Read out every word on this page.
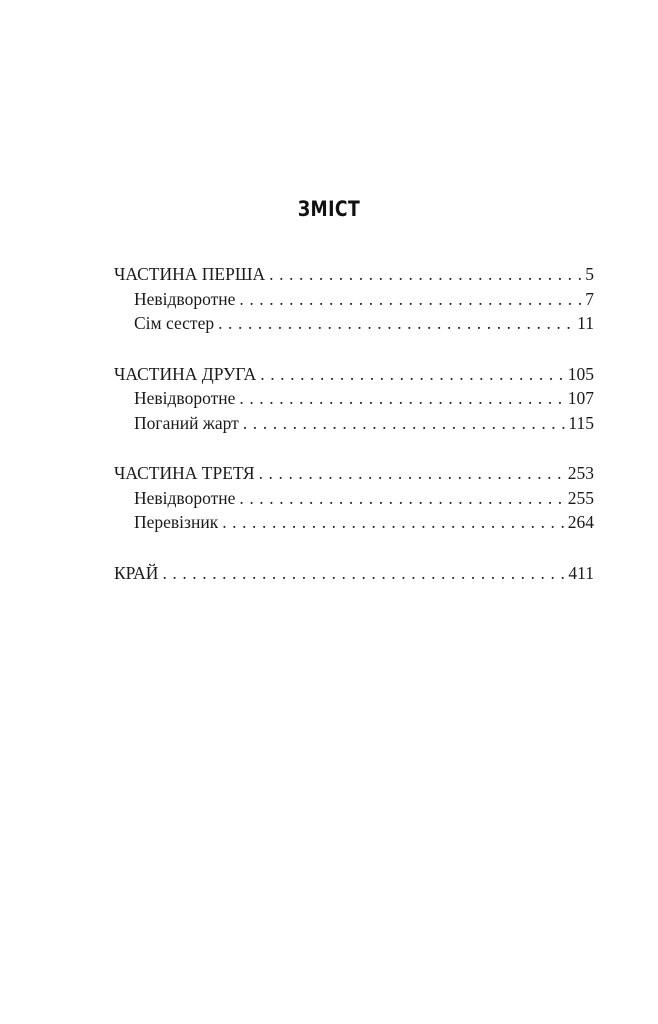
ЗМІСТ
ЧАСТИНА ПЕРША . . .	5
Невідворотне . . .	7
Сім сестер . . .	11
ЧАСТИНА ДРУГА . . .	105
Невідворотне . . .	107
Поганий жарт . . .	115
ЧАСТИНА ТРЕТЯ . . .	253
Невідворотне . . .	255
Перевізник . . .	264
КРАЙ . . .	411
